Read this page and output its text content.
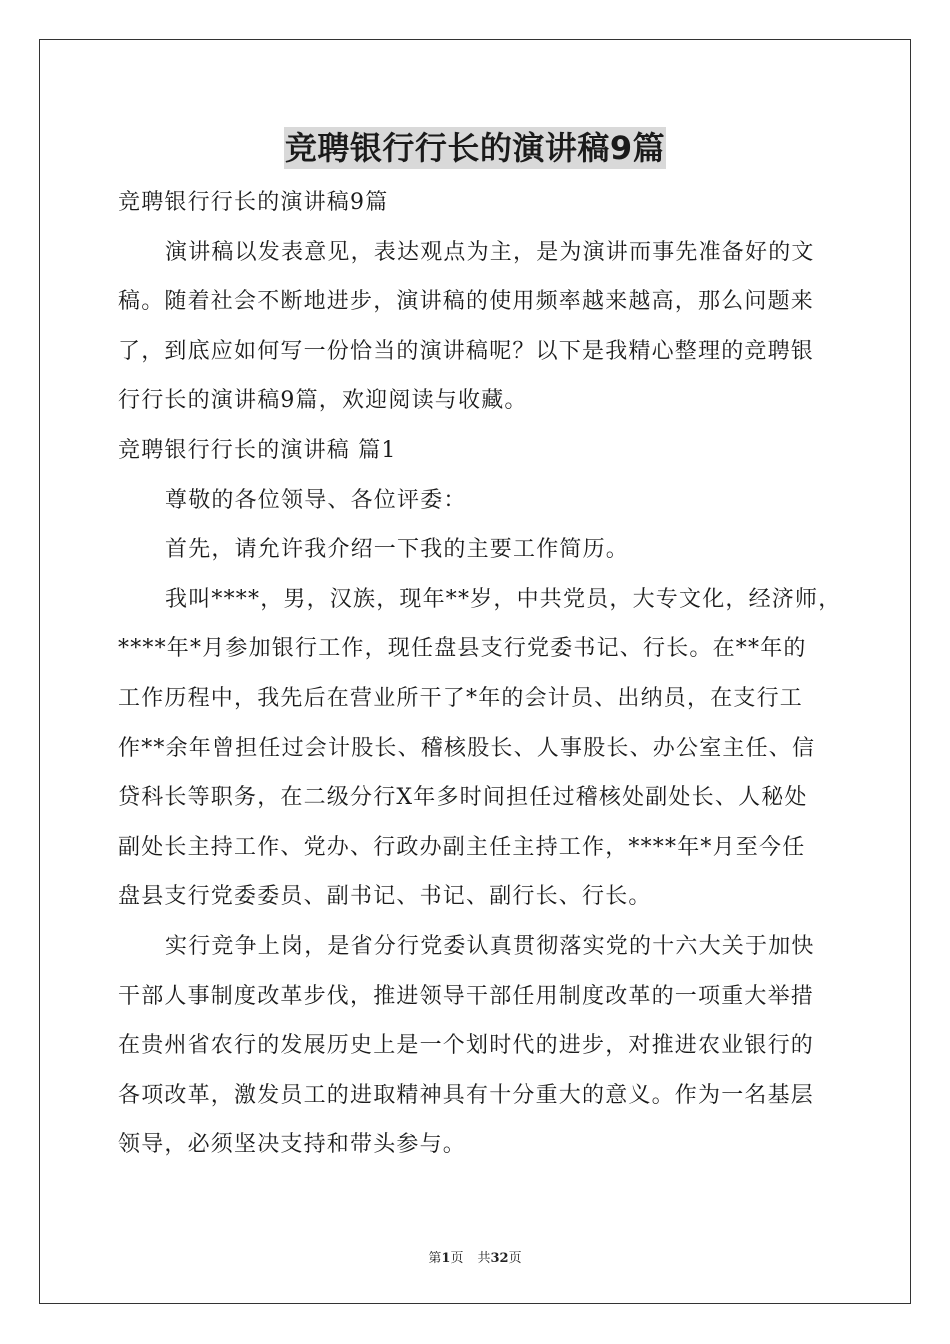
竞聘银行行长的演讲稿9篇
竞聘银行行长的演讲稿9篇
演讲稿以发表意见，表达观点为主，是为演讲而事先准备好的文
稿。随着社会不断地进步，演讲稿的使用频率越来越高，那么问题来
了，到底应如何写一份恰当的演讲稿呢？以下是我精心整理的竞聘银
行行长的演讲稿9篇，欢迎阅读与收藏。
竞聘银行行长的演讲稿 篇1
尊敬的各位领导、各位评委：
首先，请允许我介绍一下我的主要工作简历。
我叫****，男，汉族，现年**岁，中共党员，大专文化，经济师，
****年*月参加银行工作，现任盘县支行党委书记、行长。在**年的
工作历程中，我先后在营业所干了*年的会计员、出纳员，在支行工
作**余年曾担任过会计股长、稽核股长、人事股长、办公室主任、信
贷科长等职务，在二级分行X年多时间担任过稽核处副处长、人秘处
副处长主持工作、党办、行政办副主任主持工作，****年*月至今任
盘县支行党委委员、副书记、书记、副行长、行长。
实行竞争上岗，是省分行党委认真贯彻落实党的十六大关于加快
干部人事制度改革步伐，推进领导干部任用制度改革的一项重大举措
在贵州省农行的发展历史上是一个划时代的进步，对推进农业银行的
各项改革，激发员工的进取精神具有十分重大的意义。作为一名基层
领导，必须坚决支持和带头参与。
第1页 共32页
